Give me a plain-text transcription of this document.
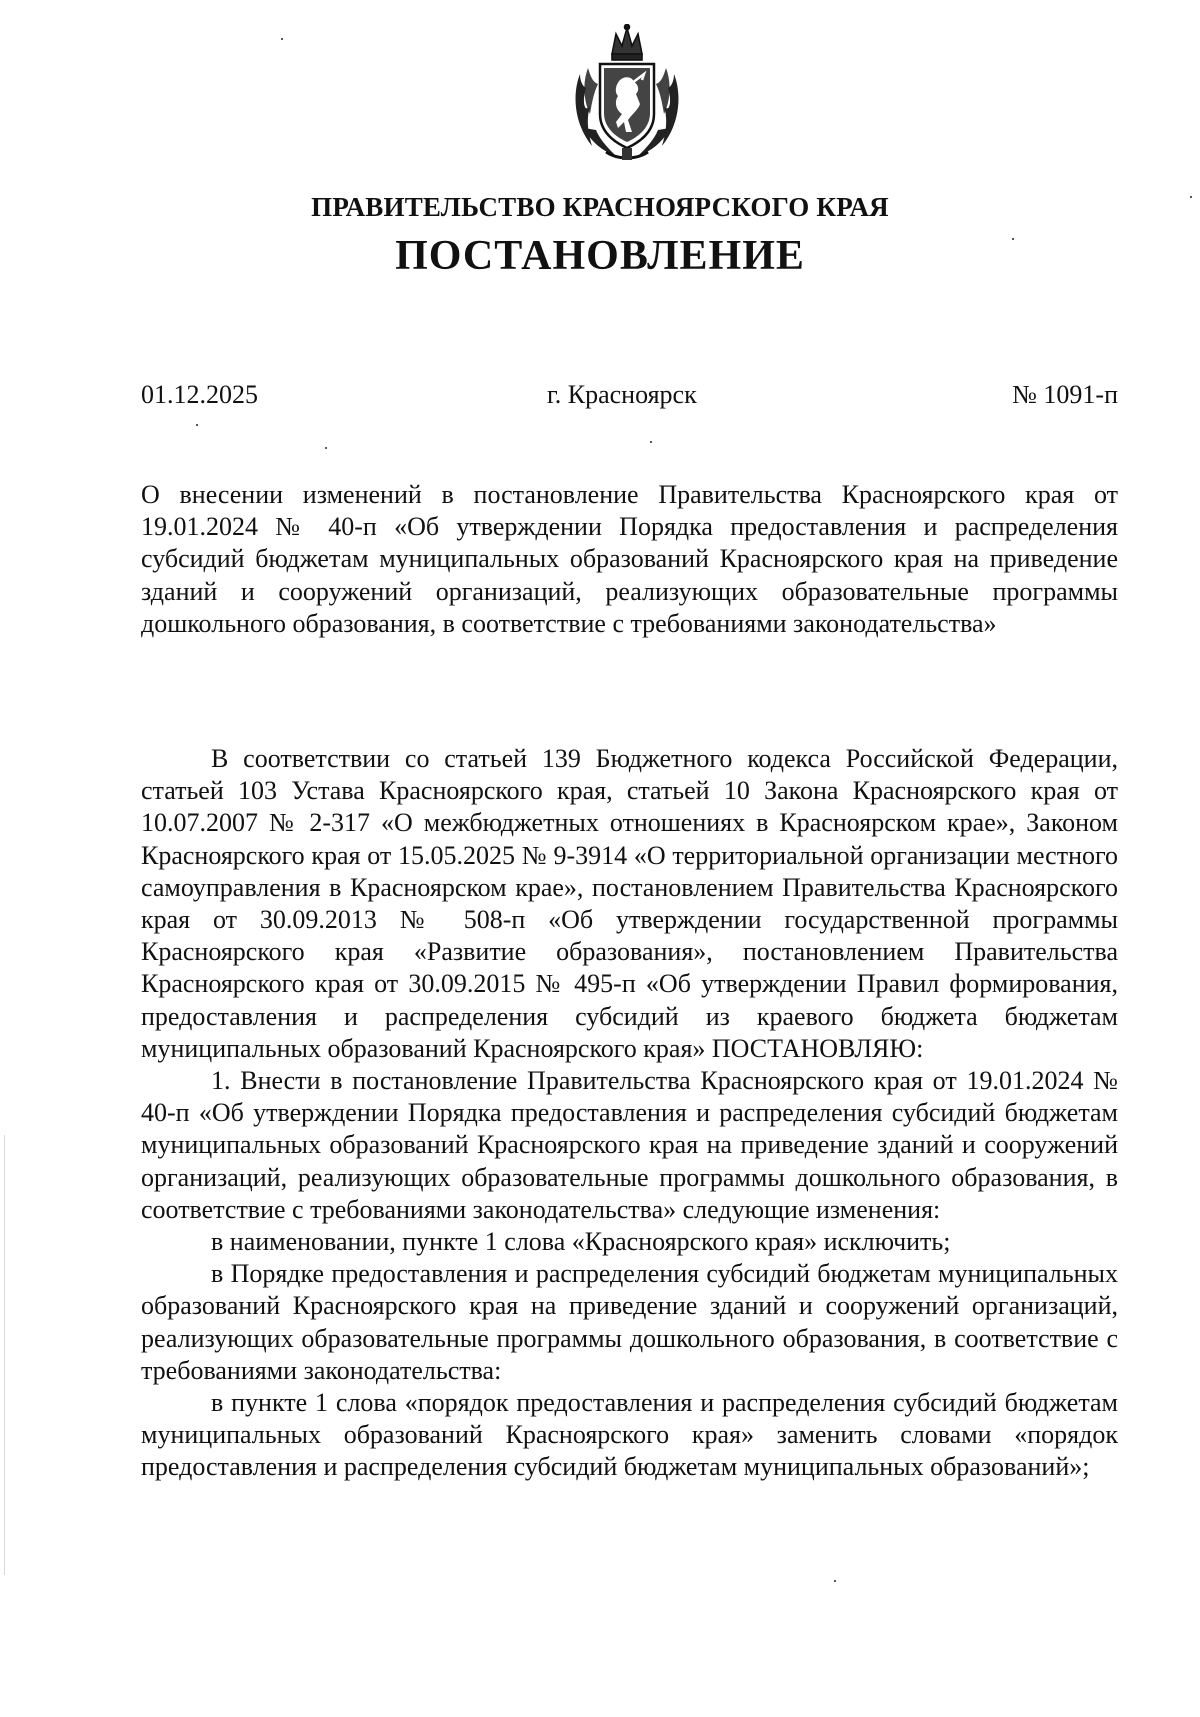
ПРАВИТЕЛЬСТВО КРАСНОЯРСКОГО КРАЯ
ПОСТАНОВЛЕНИЕ
01.12.2025	г. Красноярск	№ 1091-п
О внесении изменений в постановление Правительства Красноярского края от 19.01.2024 № 40-п «Об утверждении Порядка предоставления и распределения субсидий бюджетам муниципальных образований Красноярского края на приведение зданий и сооружений организаций, реализующих образовательные программы дошкольного образования, в соответствие с требованиями законодательства»

В соответствии со статьей 139 Бюджетного кодекса Российской Федерации, статьей 103 Устава Красноярского края, статьей 10 Закона Красноярского края от 10.07.2007 № 2-317 «О межбюджетных отношениях в Красноярском крае», Законом Красноярского края от 15.05.2025 № 9-3914 «О территориальной организации местного самоуправления в Красноярском крае», постановлением Правительства Красноярского края от 30.09.2013 № 508-п «Об утверждении государственной программы Красноярского края «Развитие образования», постановлением Правительства Красноярского края от 30.09.2015 № 495-п «Об утверждении Правил формирования, предоставления и распределения субсидий из краевого бюджета бюджетам муниципальных образований Красноярского края» ПОСТАНОВЛЯЮ:

1. Внести в постановление Правительства Красноярского края от 19.01.2024 № 40-п «Об утверждении Порядка предоставления и распределения субсидий бюджетам муниципальных образований Красноярского края на приведение зданий и сооружений организаций, реализующих образовательные программы дошкольного образования, в соответствие с требованиями законодательства» следующие изменения:

в наименовании, пункте 1 слова «Красноярского края» исключить;

в Порядке предоставления и распределения субсидий бюджетам муниципальных образований Красноярского края на приведение зданий и сооружений организаций, реализующих образовательные программы дошкольного образования, в соответствие с требованиями законодательства:

в пункте 1 слова «порядок предоставления и распределения субсидий бюджетам муниципальных образований Красноярского края» заменить словами «порядок предоставления и распределения субсидий бюджетам муниципальных образований»;
